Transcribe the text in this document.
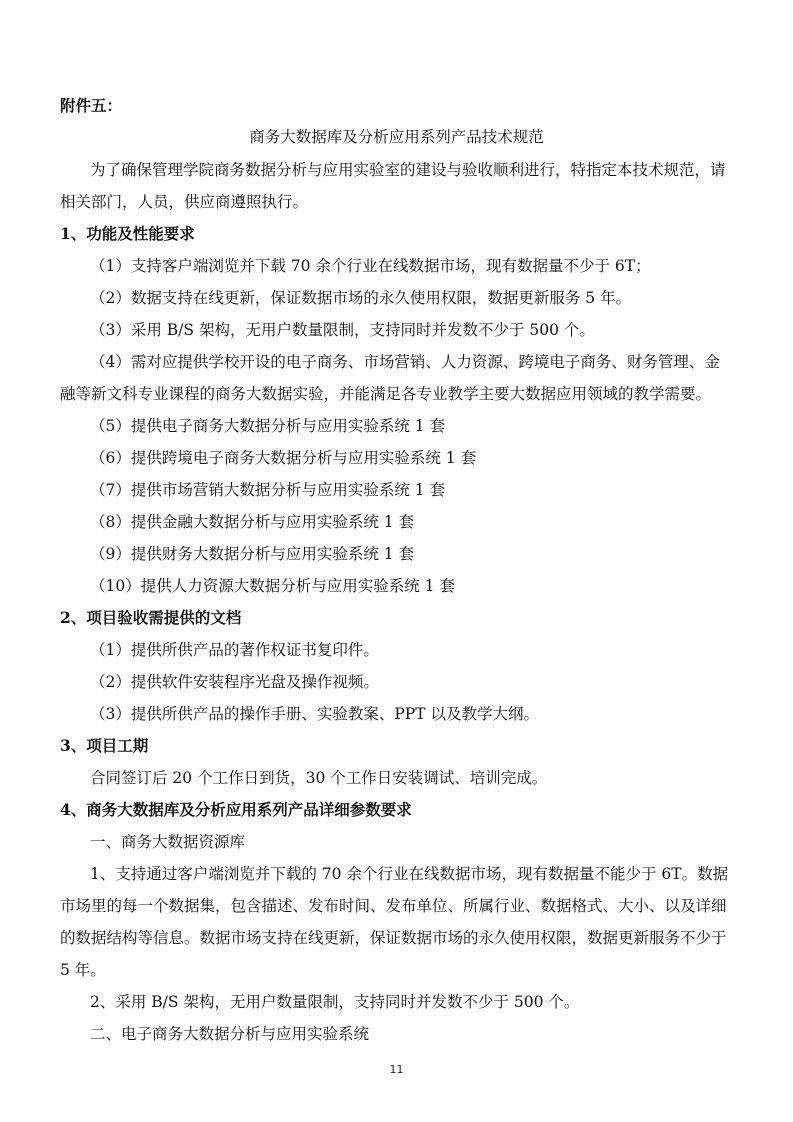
附件五：
商务大数据库及分析应用系列产品技术规范
为了确保管理学院商务数据分析与应用实验室的建设与验收顺利进行，特指定本技术规范，请
相关部门，人员，供应商遵照执行。
1、功能及性能要求
（1）支持客户端浏览并下载 70 余个行业在线数据市场，现有数据量不少于 6T；
（2）数据支持在线更新，保证数据市场的永久使用权限，数据更新服务 5 年。
（3）采用 B/S 架构，无用户数量限制，支持同时并发数不少于 500 个。
（4）需对应提供学校开设的电子商务、市场营销、人力资源、跨境电子商务、财务管理、金
融等新文科专业课程的商务大数据实验，并能满足各专业教学主要大数据应用领域的教学需要。
（5）提供电子商务大数据分析与应用实验系统 1 套
（6）提供跨境电子商务大数据分析与应用实验系统 1 套
（7）提供市场营销大数据分析与应用实验系统 1 套
（8）提供金融大数据分析与应用实验系统 1 套
（9）提供财务大数据分析与应用实验系统 1 套
（10）提供人力资源大数据分析与应用实验系统 1 套
2、项目验收需提供的文档
（1）提供所供产品的著作权证书复印件。
（2）提供软件安装程序光盘及操作视频。
（3）提供所供产品的操作手册、实验教案、PPT 以及教学大纲。
3、项目工期
合同签订后 20 个工作日到货，30 个工作日安装调试、培训完成。
4、商务大数据库及分析应用系列产品详细参数要求
一、商务大数据资源库
1、支持通过客户端浏览并下载的 70 余个行业在线数据市场，现有数据量不能少于 6T。数据
市场里的每一个数据集，包含描述、发布时间、发布单位、所属行业、数据格式、大小、以及详细
的数据结构等信息。数据市场支持在线更新，保证数据市场的永久使用权限，数据更新服务不少于
5 年。
2、采用 B/S 架构，无用户数量限制，支持同时并发数不少于 500 个。
二、电子商务大数据分析与应用实验系统
11
